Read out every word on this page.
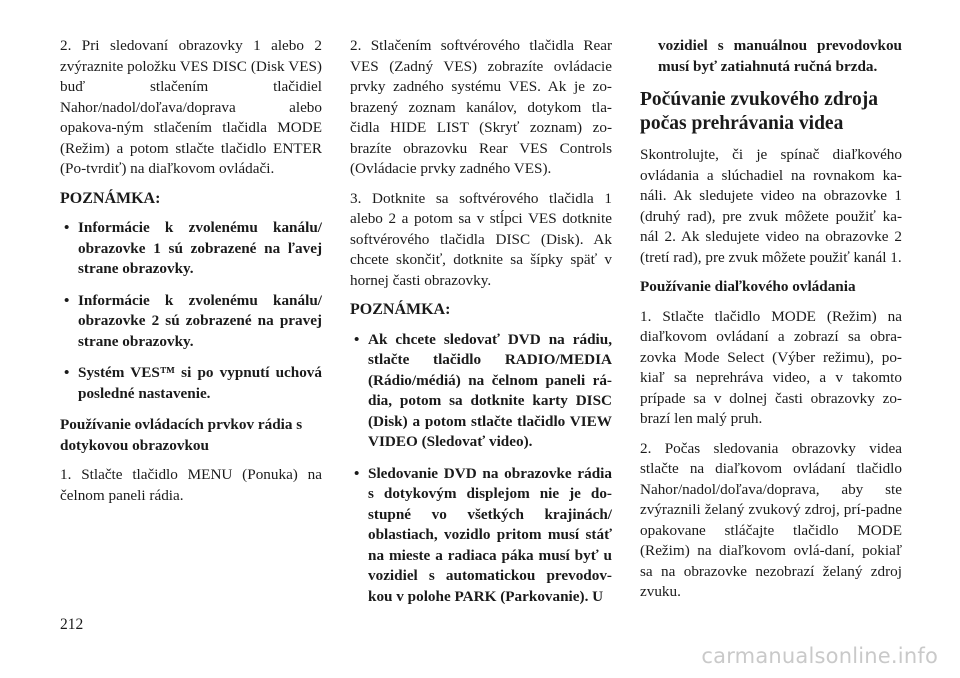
2. Pri sledovaní obrazovky 1 alebo 2 zvýraznite položku VES DISC (Disk VES) buď stlačením tlačidiel Nahor/nadol/doľava/doprava alebo opakova-ným stlačením tlačidla MODE (Režim) a potom stlačte tlačidlo ENTER (Po-tvrdiť) na diaľkovom ovládači.

POZNÁMKA:
• Informácie k zvolenému kanálu/ obrazovke 1 sú zobrazené na ľavej strane obrazovky.
• Informácie k zvolenému kanálu/ obrazovke 2 sú zobrazené na pravej strane obrazovky.
• Systém VES™ si po vypnutí uchová posledné nastavenie.
Používanie ovládacích prvkov rádia s dotykovou obrazovkou

1. Stlačte tlačidlo MENU (Ponuka) na čelnom paneli rádia.

2. Stlačením softvérového tlačidla Rear VES (Zadný VES) zobrazíte ovládacie prvky zadného systému VES. Ak je zo-brazený zoznam kanálov, dotykom tla-čidla HIDE LIST (Skryť zoznam) zo-brazíte obrazovku Rear VES Controls (Ovládacie prvky zadného VES).

3. Dotknite sa softvérového tlačidla 1 alebo 2 a potom sa v stĺpci VES dotknite softvérového tlačidla DISC (Disk). Ak chcete skončiť, dotknite sa šípky späť v hornej časti obrazovky.

POZNÁMKA:
• Ak chcete sledovať DVD na rádiu, stlačte tlačidlo RADIO/MEDIA (Rádio/médiá) na čelnom paneli rá-dia, potom sa dotknite karty DISC (Disk) a potom stlačte tlačidlo VIEW VIDEO (Sledovať video).
• Sledovanie DVD na obrazovke rádia s dotykovým displejom nie je do-stupné vo všetkých krajinách/ oblastiach, vozidlo pritom musí stáť na mieste a radiaca páka musí byť u vozidiel s automatickou prevodov-kou v polohe PARK (Parkovanie). U
vozidiel s manuálnou prevodovkou musí byť zatiahnutá ručná brzda.
Počúvanie zvukového zdroja počas prehrávania videa

Skontrolujte, či je spínač diaľkového ovládania a slúchadiel na rovnakom ka-náli. Ak sledujete video na obrazovke 1 (druhý rad), pre zvuk môžete použiť ka-nál 2. Ak sledujete video na obrazovke 2 (tretí rad), pre zvuk môžete použiť kanál 1.

Používanie diaľkového ovládania

1. Stlačte tlačidlo MODE (Režim) na diaľkovom ovládaní a zobrazí sa obra-zovka Mode Select (Výber režimu), po-kiaľ sa neprehráva video, a v takomto prípade sa v dolnej časti obrazovky zo-brazí len malý pruh.

2. Počas sledovania obrazovky videa stlačte na diaľkovom ovládaní tlačidlo Nahor/nadol/doľava/doprava, aby ste zvýraznili želaný zvukový zdroj, prí-padne opakovane stláčajte tlačidlo MODE (Režim) na diaľkovom ovlá-daní, pokiaľ sa na obrazovke nezobrazí želaný zdroj zvuku.

212
carmanualsonline.info
